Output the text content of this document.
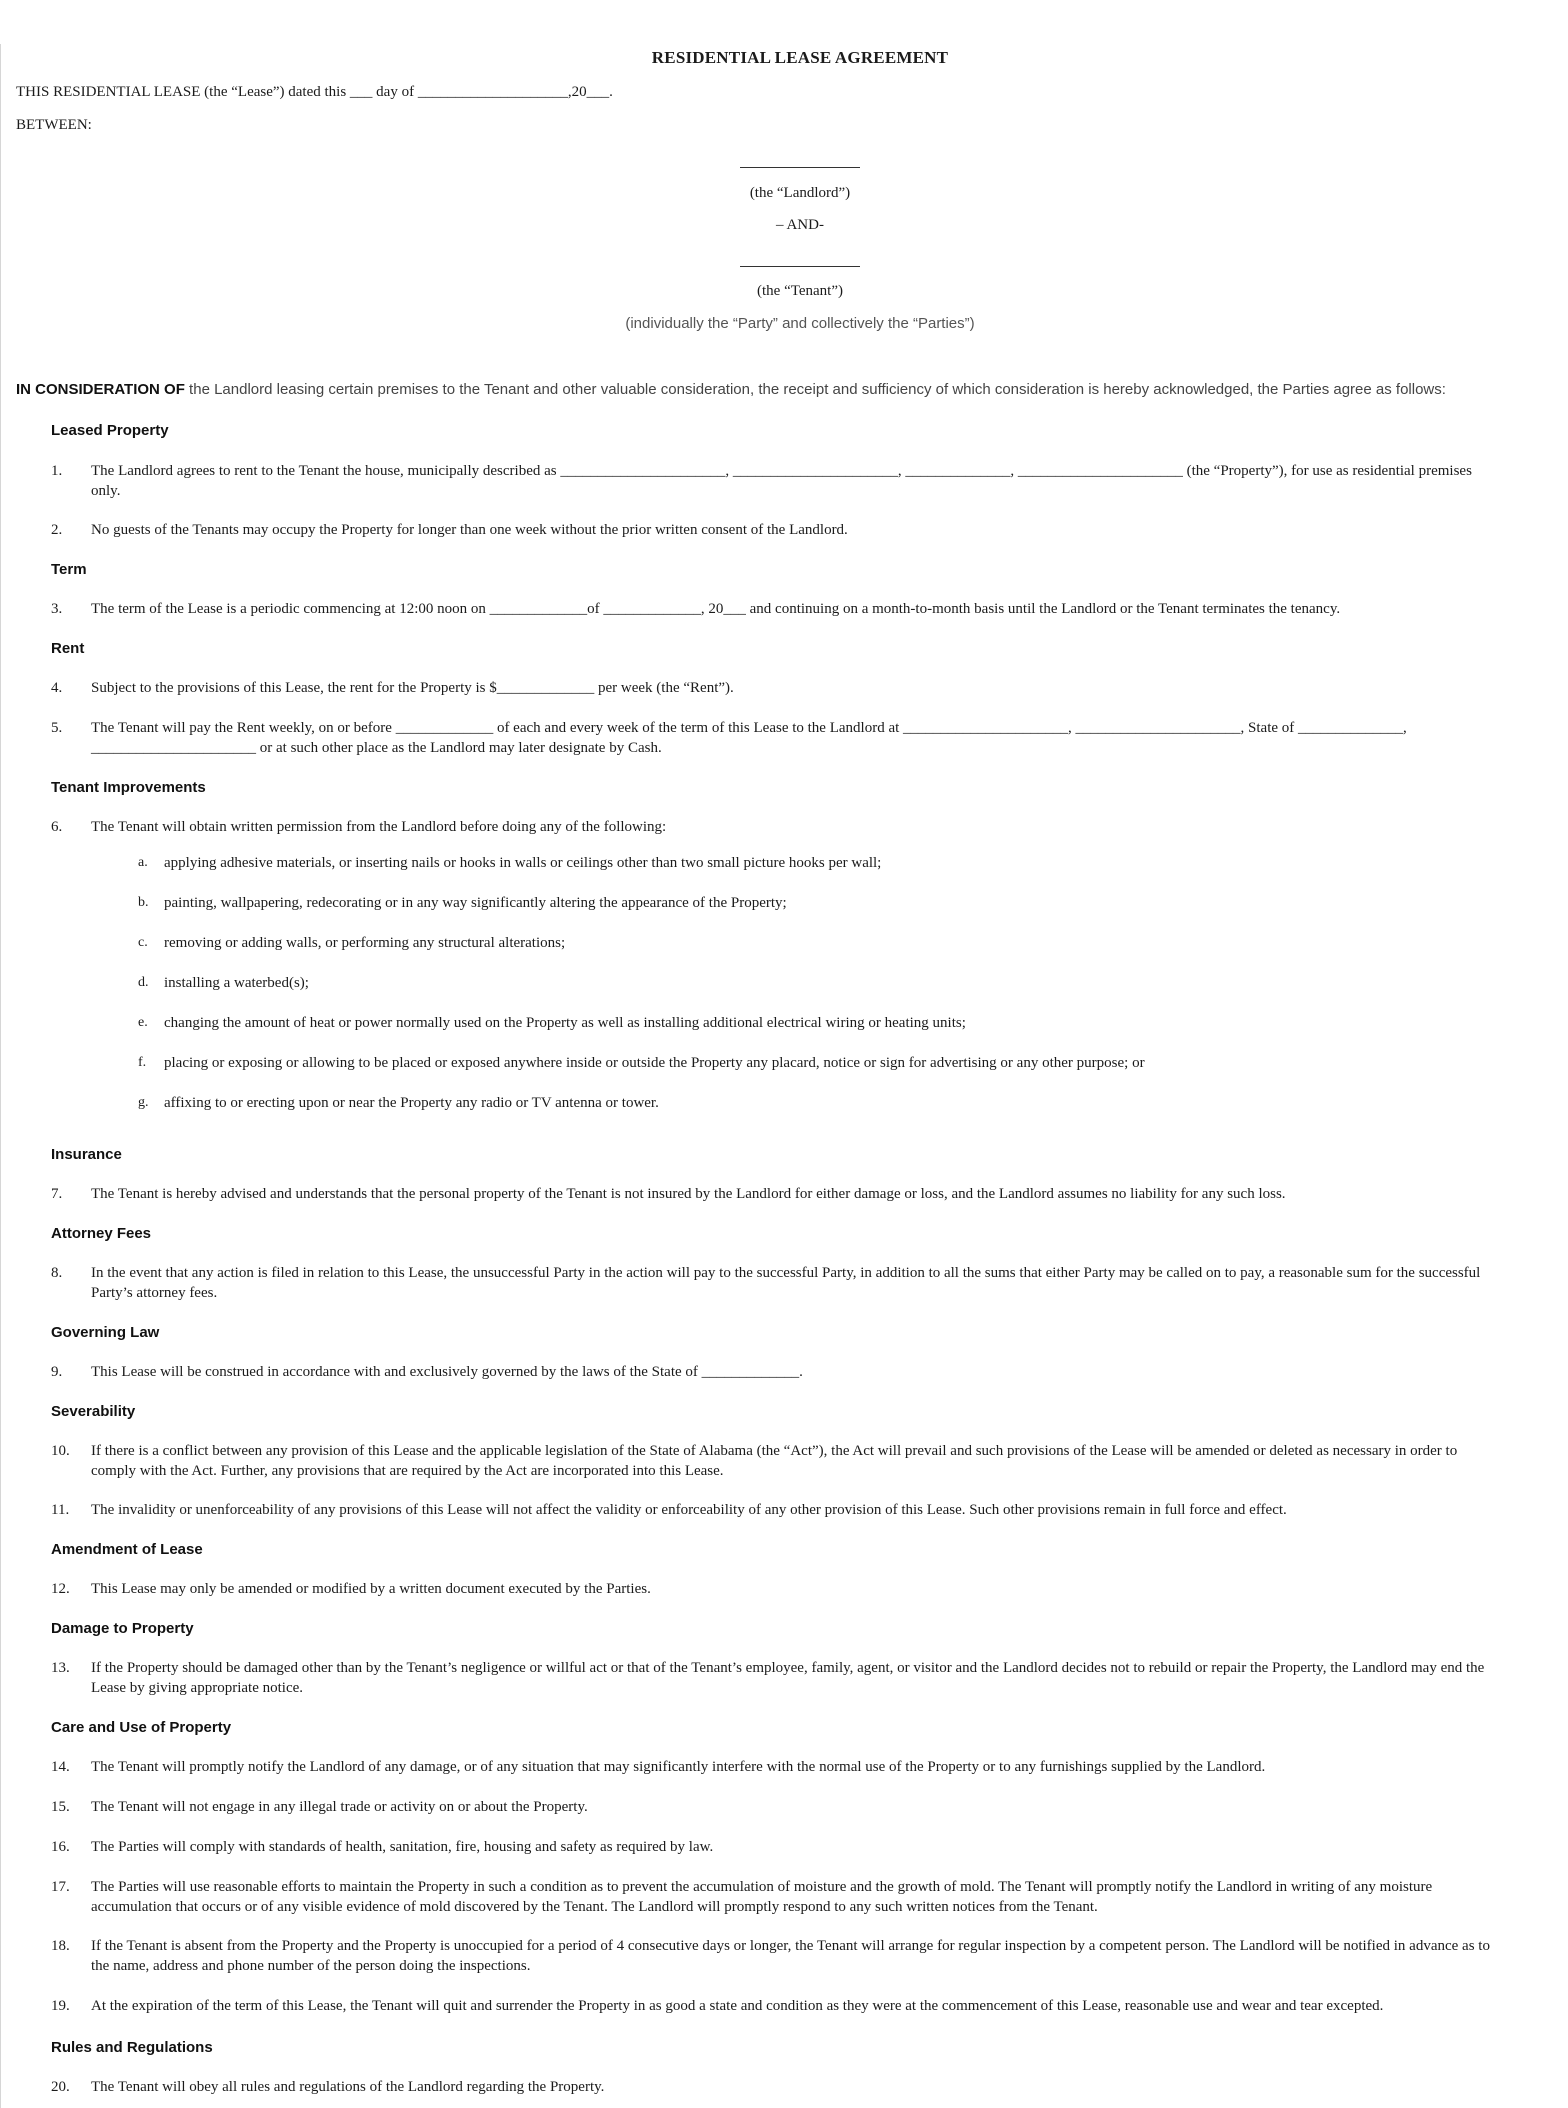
RESIDENTIAL LEASE AGREEMENT
THIS RESIDENTIAL LEASE (the “Lease”) dated this ___ day of ____________________,20___.
BETWEEN:
(the “Landlord”)
– AND-
(the “Tenant”)
(individually the “Party” and collectively the “Parties”)
IN CONSIDERATION OF the Landlord leasing certain premises to the Tenant and other valuable consideration, the receipt and sufficiency of which consideration is hereby acknowledged, the Parties agree as follows:
Leased Property
1. The Landlord agrees to rent to the Tenant the house, municipally described as ______________________, ______________________, ______________, ______________________ (the “Property”), for use as residential premises
only.
2. No guests of the Tenants may occupy the Property for longer than one week without the prior written consent of the Landlord.
Term
3. The term of the Lease is a periodic commencing at 12:00 noon on _____________of _____________, 20___ and continuing on a month-to-month basis until the Landlord or the Tenant terminates the tenancy.
Rent
4. Subject to the provisions of this Lease, the rent for the Property is $_____________ per week (the “Rent”).
5. The Tenant will pay the Rent weekly, on or before _____________ of each and every week of the term of this Lease to the Landlord at ______________________, ______________________, State of ______________,
______________________ or at such other place as the Landlord may later designate by Cash.
Tenant Improvements
6. The Tenant will obtain written permission from the Landlord before doing any of the following:
a. applying adhesive materials, or inserting nails or hooks in walls or ceilings other than two small picture hooks per wall;
b. painting, wallpapering, redecorating or in any way significantly altering the appearance of the Property;
c. removing or adding walls, or performing any structural alterations;
d. installing a waterbed(s);
e. changing the amount of heat or power normally used on the Property as well as installing additional electrical wiring or heating units;
f. placing or exposing or allowing to be placed or exposed anywhere inside or outside the Property any placard, notice or sign for advertising or any other purpose; or
g. affixing to or erecting upon or near the Property any radio or TV antenna or tower.
Insurance
7. The Tenant is hereby advised and understands that the personal property of the Tenant is not insured by the Landlord for either damage or loss, and the Landlord assumes no liability for any such loss.
Attorney Fees
8. In the event that any action is filed in relation to this Lease, the unsuccessful Party in the action will pay to the successful Party, in addition to all the sums that either Party may be called on to pay, a reasonable sum for the successful
Party’s attorney fees.
Governing Law
9. This Lease will be construed in accordance with and exclusively governed by the laws of the State of _____________.
Severability
10. If there is a conflict between any provision of this Lease and the applicable legislation of the State of Alabama (the “Act”), the Act will prevail and such provisions of the Lease will be amended or deleted as necessary in order to
comply with the Act. Further, any provisions that are required by the Act are incorporated into this Lease.
11. The invalidity or unenforceability of any provisions of this Lease will not affect the validity or enforceability of any other provision of this Lease. Such other provisions remain in full force and effect.
Amendment of Lease
12. This Lease may only be amended or modified by a written document executed by the Parties.
Damage to Property
13. If the Property should be damaged other than by the Tenant’s negligence or willful act or that of the Tenant’s employee, family, agent, or visitor and the Landlord decides not to rebuild or repair the Property, the Landlord may end the
Lease by giving appropriate notice.
Care and Use of Property
14. The Tenant will promptly notify the Landlord of any damage, or of any situation that may significantly interfere with the normal use of the Property or to any furnishings supplied by the Landlord.
15. The Tenant will not engage in any illegal trade or activity on or about the Property.
16. The Parties will comply with standards of health, sanitation, fire, housing and safety as required by law.
17. The Parties will use reasonable efforts to maintain the Property in such a condition as to prevent the accumulation of moisture and the growth of mold. The Tenant will promptly notify the Landlord in writing of any moisture
accumulation that occurs or of any visible evidence of mold discovered by the Tenant. The Landlord will promptly respond to any such written notices from the Tenant.
18. If the Tenant is absent from the Property and the Property is unoccupied for a period of 4 consecutive days or longer, the Tenant will arrange for regular inspection by a competent person. The Landlord will be notified in advance as to
the name, address and phone number of the person doing the inspections.
19. At the expiration of the term of this Lease, the Tenant will quit and surrender the Property in as good a state and condition as they were at the commencement of this Lease, reasonable use and wear and tear excepted.
Rules and Regulations
20. The Tenant will obey all rules and regulations of the Landlord regarding the Property.
